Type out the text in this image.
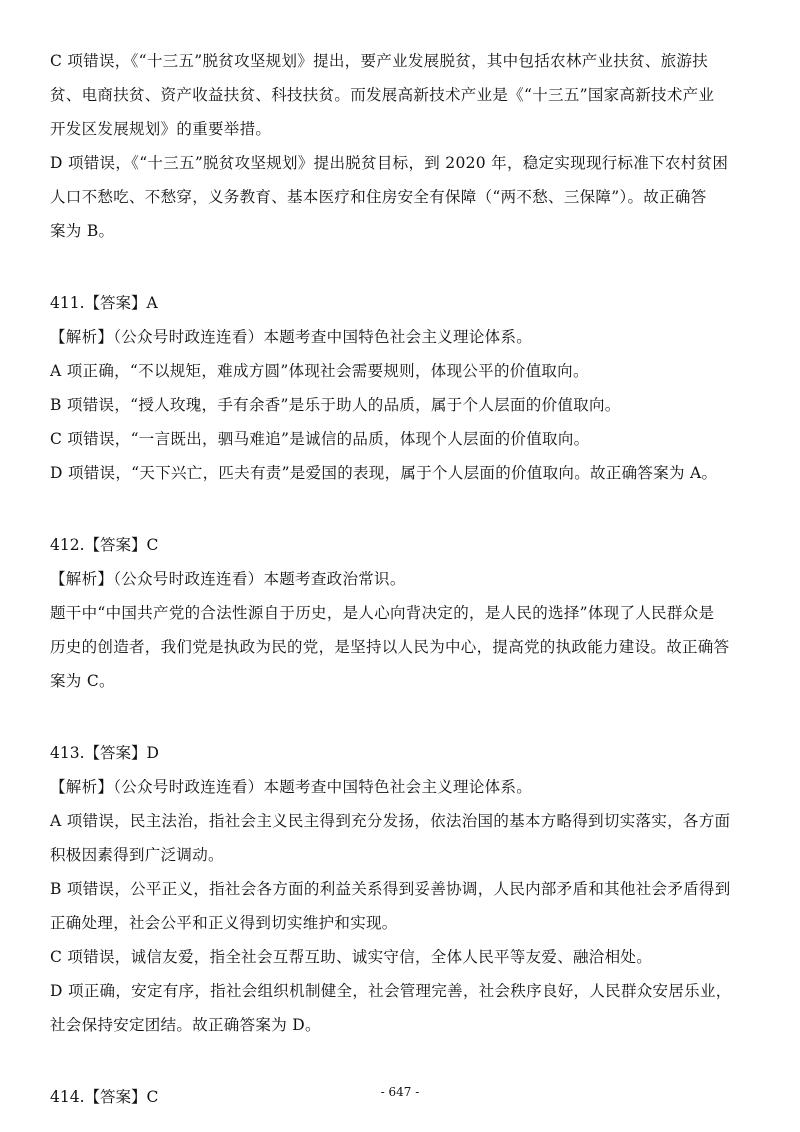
C 项错误，《“十三五”脱贫攻坚规划》提出，要产业发展脱贫，其中包括农林产业扶贫、旅游扶
贫、电商扶贫、资产收益扶贫、科技扶贫。而发展高新技术产业是《“十三五”国家高新技术产业
开发区发展规划》的重要举措。
D 项错误，《“十三五”脱贫攻坚规划》提出脱贫目标，到 2020 年，稳定实现现行标准下农村贫困
人口不愁吃、不愁穿，义务教育、基本医疗和住房安全有保障（“两不愁、三保障”）。故正确答
案为 B。
411.【答案】A
【解析】（公众号时政连连看）本题考查中国特色社会主义理论体系。
A 项正确，“不以规矩，难成方圆”体现社会需要规则，体现公平的价值取向。
B 项错误，“授人玫瑰，手有余香”是乐于助人的品质，属于个人层面的价值取向。
C 项错误，“一言既出，驷马难追”是诚信的品质，体现个人层面的价值取向。
D 项错误，“天下兴亡，匹夫有责”是爱国的表现，属于个人层面的价值取向。故正确答案为 A。
412.【答案】C
【解析】（公众号时政连连看）本题考查政治常识。
题干中“中国共产党的合法性源自于历史，是人心向背决定的，是人民的选择”体现了人民群众是
历史的创造者，我们党是执政为民的党，是坚持以人民为中心，提高党的执政能力建设。故正确答
案为 C。
413.【答案】D
【解析】（公众号时政连连看）本题考查中国特色社会主义理论体系。
A 项错误，民主法治，指社会主义民主得到充分发扬，依法治国的基本方略得到切实落实，各方面
积极因素得到广泛调动。
B 项错误，公平正义，指社会各方面的利益关系得到妥善协调，人民内部矛盾和其他社会矛盾得到
正确处理，社会公平和正义得到切实维护和实现。
C 项错误，诚信友爱，指全社会互帮互助、诚实守信，全体人民平等友爱、融洽相处。
D 项正确，安定有序，指社会组织机制健全，社会管理完善，社会秩序良好，人民群众安居乐业，
社会保持安定团结。故正确答案为 D。
414.【答案】C	- 647 -
